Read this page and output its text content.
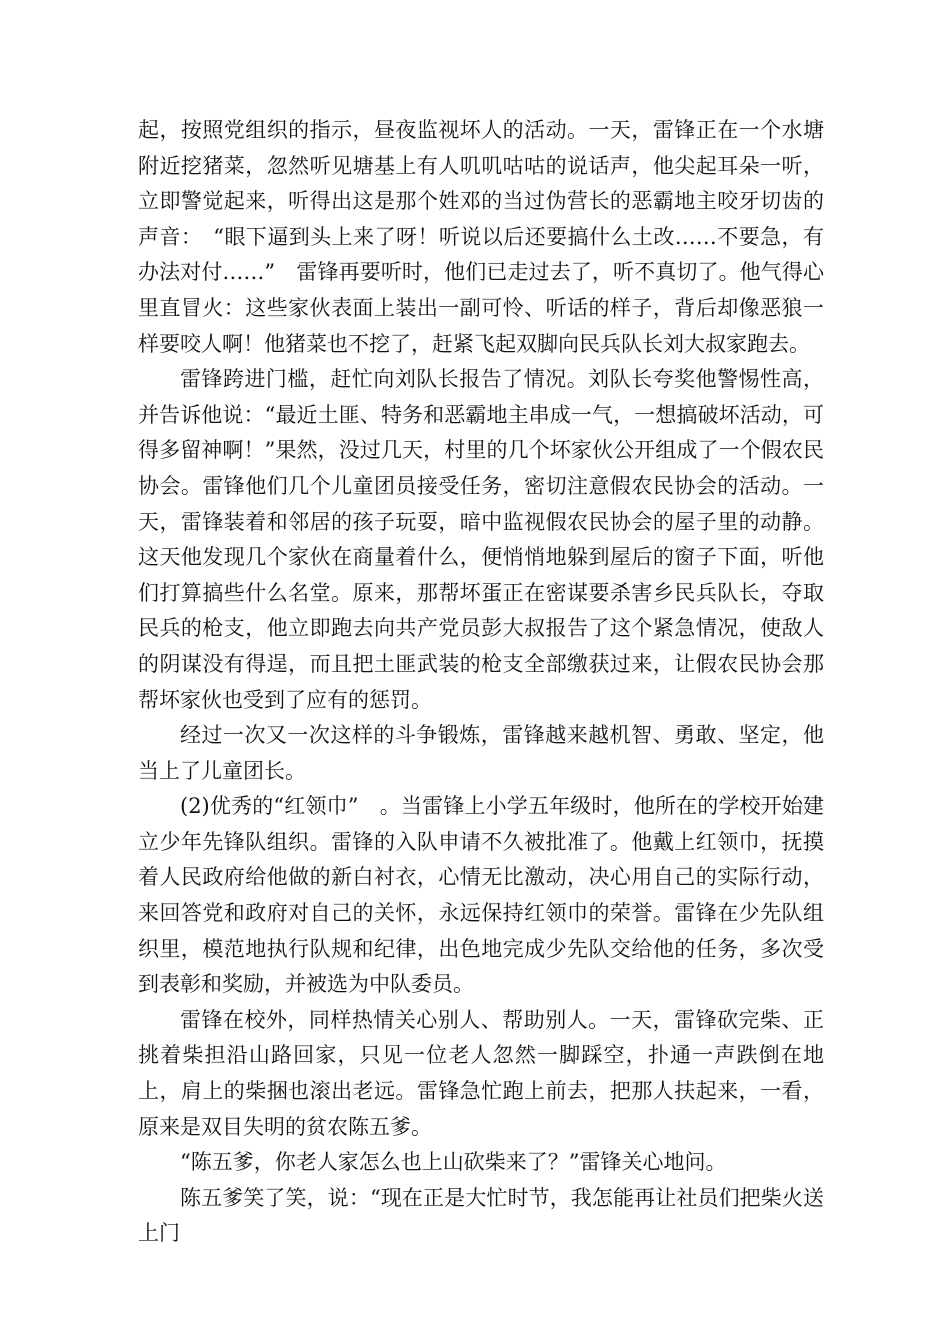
起，按照党组织的指示，昼夜监视坏人的活动。一天，雷锋正在一个水塘附近挖猪菜，忽然听见塘基上有人叽叽咕咕的说话声，他尖起耳朵一听，立即警觉起来，听得出这是那个姓邓的当过伪营长的恶霸地主咬牙切齿的声音：　“眼下逼到头上来了呀！听说以后还要搞什么土改……不要急，有办法对付……”　雷锋再要听时，他们已走过去了，听不真切了。他气得心里直冒火：这些家伙表面上装出一副可怜、听话的样子，背后却像恶狼一样要咬人啊！他猪菜也不挖了，赶紧飞起双脚向民兵队长刘大叔家跑去。

雷锋跨进门槛，赶忙向刘队长报告了情况。刘队长夸奖他警惕性高，并告诉他说：“最近土匪、特务和恶霸地主串成一气，一想搞破坏活动，可得多留神啊！”果然，没过几天，村里的几个坏家伙公开组成了一个假农民协会。雷锋他们几个儿童团员接受任务，密切注意假农民协会的活动。一天，雷锋装着和邻居的孩子玩耍，暗中监视假农民协会的屋子里的动静。这天他发现几个家伙在商量着什么，便悄悄地躲到屋后的窗子下面，听他们打算搞些什么名堂。原来，那帮坏蛋正在密谋要杀害乡民兵队长，夺取民兵的枪支，他立即跑去向共产党员彭大叔报告了这个紧急情况，使敌人的阴谋没有得逞，而且把土匪武装的枪支全部缴获过来，让假农民协会那帮坏家伙也受到了应有的惩罚。

经过一次又一次这样的斗争锻炼，雷锋越来越机智、勇敢、坚定，他当上了儿童团长。

(2)优秀的“红领巾”　。当雷锋上小学五年级时，他所在的学校开始建立少年先锋队组织。雷锋的入队申请不久被批准了。他戴上红领巾，抚摸着人民政府给他做的新白衬衣，心情无比激动，决心用自己的实际行动，来回答党和政府对自己的关怀，永远保持红领巾的荣誉。雷锋在少先队组织里，模范地执行队规和纪律，出色地完成少先队交给他的任务，多次受到表彰和奖励，并被选为中队委员。

雷锋在校外，同样热情关心别人、帮助别人。一天，雷锋砍完柴、正挑着柴担沿山路回家，只见一位老人忽然一脚踩空，扑通一声跌倒在地上，肩上的柴捆也滚出老远。雷锋急忙跑上前去，把那人扶起来，一看，原来是双目失明的贫农陈五爹。

“陈五爹，你老人家怎么也上山砍柴来了？”雷锋关心地问。

陈五爹笑了笑，说：“现在正是大忙时节，我怎能再让社员们把柴火送上门
